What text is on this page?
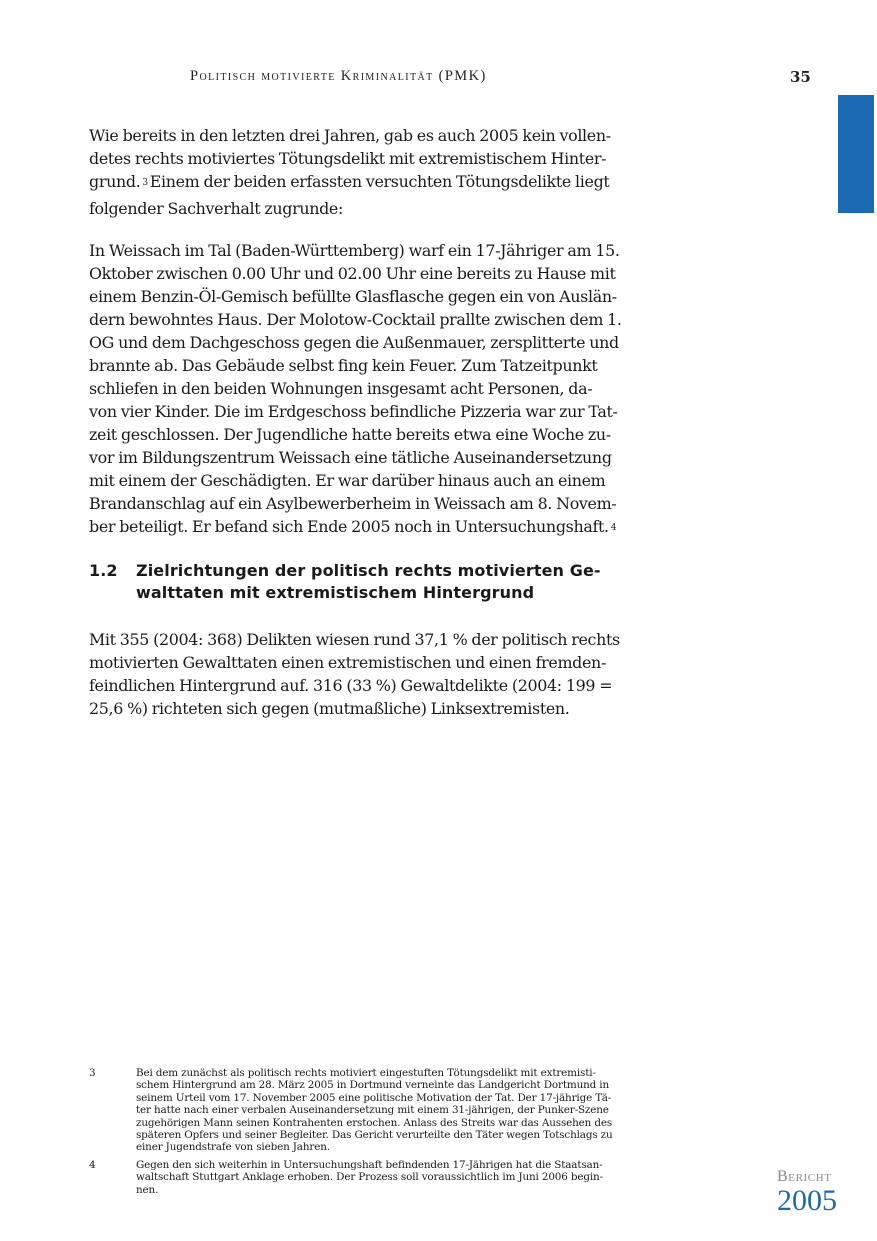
Politisch motivierte Kriminalität (PMK)	35

Wie bereits in den letzten drei Jahren, gab es auch 2005 kein vollen-
detes rechts motiviertes Tötungsdelikt mit extremistischem Hinter-
grund. 3 Einem der beiden erfassten versuchten Tötungsdelikte liegt
folgender Sachverhalt zugrunde:

In Weissach im Tal (Baden-Württemberg) warf ein 17-Jähriger am 15.
Oktober zwischen 0.00 Uhr und 02.00 Uhr eine bereits zu Hause mit
einem Benzin-Öl-Gemisch befüllte Glasflasche gegen ein von Auslän-
dern bewohntes Haus. Der Molotow-Cocktail prallte zwischen dem 1.
OG und dem Dachgeschoss gegen die Außenmauer, zersplitterte und
brannte ab. Das Gebäude selbst fing kein Feuer. Zum Tatzeitpunkt
schliefen in den beiden Wohnungen insgesamt acht Personen, da-
von vier Kinder. Die im Erdgeschoss befindliche Pizzeria war zur Tat-
zeit geschlossen. Der Jugendliche hatte bereits etwa eine Woche zu-
vor im Bildungszentrum Weissach eine tätliche Auseinandersetzung
mit einem der Geschädigten. Er war darüber hinaus auch an einem
Brandanschlag auf ein Asylbewerberheim in Weissach am 8. Novem-
ber beteiligt. Er befand sich Ende 2005 noch in Untersuchungshaft. 4

1.2 Zielrichtungen der politisch rechts motivierten Ge-
walttaten mit extremistischem Hintergrund

Mit 355 (2004: 368) Delikten wiesen rund 37,1 % der politisch rechts
motivierten Gewalttaten einen extremistischen und einen fremden-
feindlichen Hintergrund auf. 316 (33 %) Gewaltdelikte (2004: 199 =
25,6 %) richteten sich gegen (mutmaßliche) Linksextremisten.

3	Bei dem zunächst als politisch rechts motiviert eingestuften Tötungsdelikt mit extremisti-
schem Hintergrund am 28. März 2005 in Dortmund verneinte das Landgericht Dortmund in
seinem Urteil vom 17. November 2005 eine politische Motivation der Tat. Der 17-jährige Tä-
ter hatte nach einer verbalen Auseinandersetzung mit einem 31-jährigen, der Punker-Szene
zugehörigen Mann seinen Kontrahenten erstochen. Anlass des Streits war das Aussehen des
späteren Opfers und seiner Begleiter. Das Gericht verurteilte den Täter wegen Totschlags zu
einer Jugendstrafe von sieben Jahren.
4	Gegen den sich weiterhin in Untersuchungshaft befindenden 17-Jährigen hat die Staatsan-
waltschaft Stuttgart Anklage erhoben. Der Prozess soll voraussichtlich im Juni 2006 begin-
nen.
Bericht
2005
